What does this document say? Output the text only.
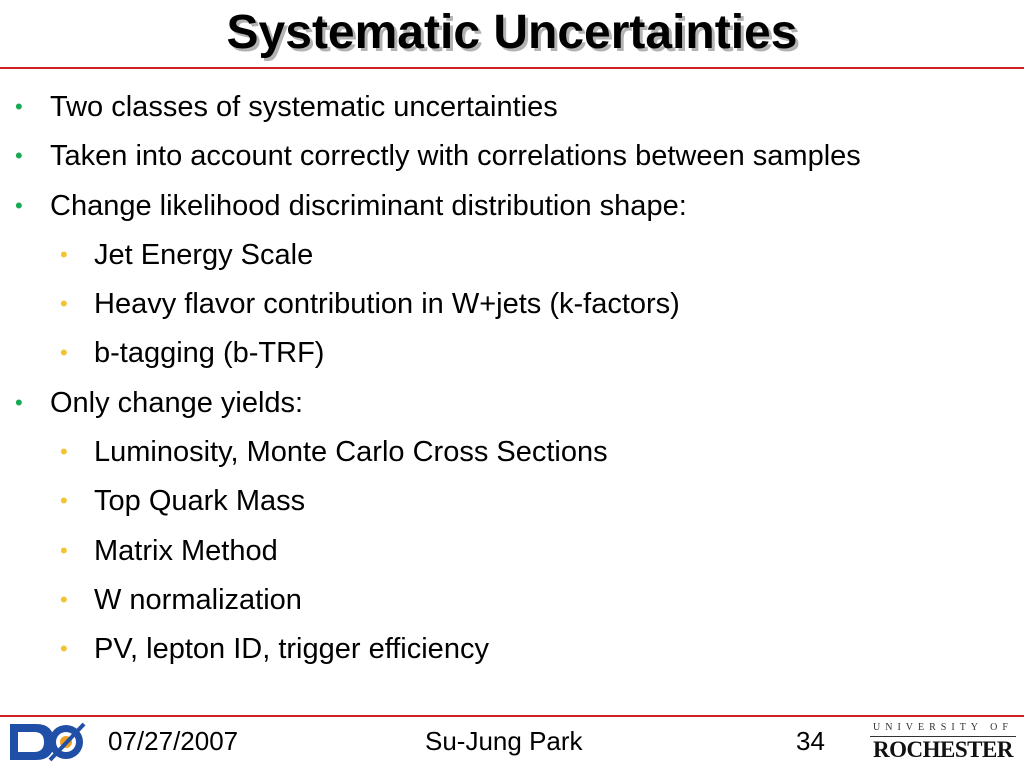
Systematic Uncertainties
• Two classes of systematic uncertainties
• Taken into account correctly with correlations between samples
• Change likelihood discriminant distribution shape:
• Jet Energy Scale
• Heavy flavor contribution in W+jets (k-factors)
• b-tagging (b-TRF)
• Only change yields:
• Luminosity, Monte Carlo Cross Sections
• Top Quark Mass
• Matrix Method
• W normalization
• PV, lepton ID, trigger efficiency
07/27/2007	Su-Jung Park	34	UNIVERSITY OF
ROCHESTER
